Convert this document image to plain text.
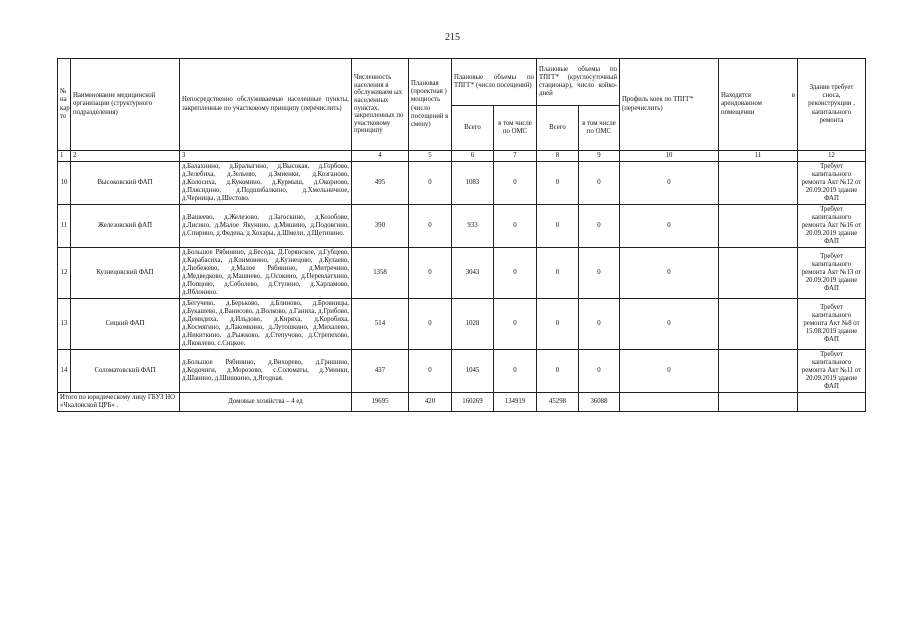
215
№ на кар те	Наименование медицинской организации (структурного подразделения)	Непосредственно обслуживаемые населенные пункты, закрепленные по участковому принципу (перечислить)	Численность населения в обслуживаем ых населенных пунктах, закрепленных по участковому принципу	Плановая (проектная ) мощность (число посещений в смену)	Плановые объемы по ТПГГ* (число посещений)		Плановые объемы по ТПГГ* (круглосуточный стационар), число койко-дней		Профиль коек по ТПГГ* (перечислить)	Находятся в арендованном помещении	Здание требует сноса, реконструкции , капитального ремонта
					Всего	в том числе по ОМС	Всего	в том числе по ОМС			
1	2	3	4	5	6	7	8	9	10	11	12
10	Высоковский ФАП	д.Балахнино, д.Бралыгино, д.Высокая, д.Горбово, д.Зелебиха, д.Зельево, д.Змиенки, д.Козганово, д.Колосиха, д.Кукомино, д.Курмыш, д.Окориово, д.Плясидино, д.Подшибалкино, д.Хмельничное, д.Черницы, д.Шестово.	495	0	1083	0	0	0	0		Требует капитального ремонта Акт №12 от 20.09.2019 здание ФАП
11	Железовский фАП	д.Вашеево, д.Железово, д.Загоскино, д.Козобово, д.Лисино, д.Малое Якунино, д.Мишино, д.Подовгино, д.Спирино, д.Федена, д.Хохары, д.Шмели, д.Щетинино.	390	0	933	0	0	0	0		Требует капитального ремонта Акт №16 от 20.09.2019 здание ФАП
12	Кузнецовский ФАП	д.Большое Рябинино, д.Беседа, Д.Горянское, д.Губцево, д.Карабасиха, д.Климовино, д.Кузнецово, д.Кулаево, д.Любежево, д.Малое Рябинино, д.Митречино, д.Медведково, д.Машнево, д.Осокино, д.Перевлатхино, д.Попцово, д.Соболево, д.Ступино, д.Харламово, д.Яблонино.	1358	0	3043	0	0	0	0		Требует капитального ремонта Акт №13 от 20.09.2019 здание ФАП
13	Сицкий ФАП	д.Бегучево, д.Берьково, д.Блиново, д.Бровницы, д.Букашево, д.Ванисово, д.Волково, д.Ганиха, д.Грибово, д.Демидиха, д.Ильдово, д.Киряха, д.Коробиха, д.Космягино, д.Лакомкино, д.Лутошкино, д.Михалево, д.Никиткино, д.Рыжково, д.Степучово, д.Стрепехово, д.Яковлево, с.Сицкое.	514	0	1028	0	0	0	0		Требует капитального ремонта Акт №8 от 15.08.2019 здание ФАП
14	Соломатовский ФАП	д.Большое Рябинино, д.Вихорево, д.Гришино, д.Кодочиги, д.Морозово, с.Соломаты, д.Умники, д.Шанино, д.Шишкино, д.Ягодная.	437	0	1045	0	0	0	0		Требует капитального ремонта Акт №11 от 20.09.2019 здание ФАП
Итого по юридическому лицу ГБУЗ НО «Чкаловской ЦРБ» .		Домовые хозяйства – 4 ед	19695	420	160269	134919	45298	36088			
